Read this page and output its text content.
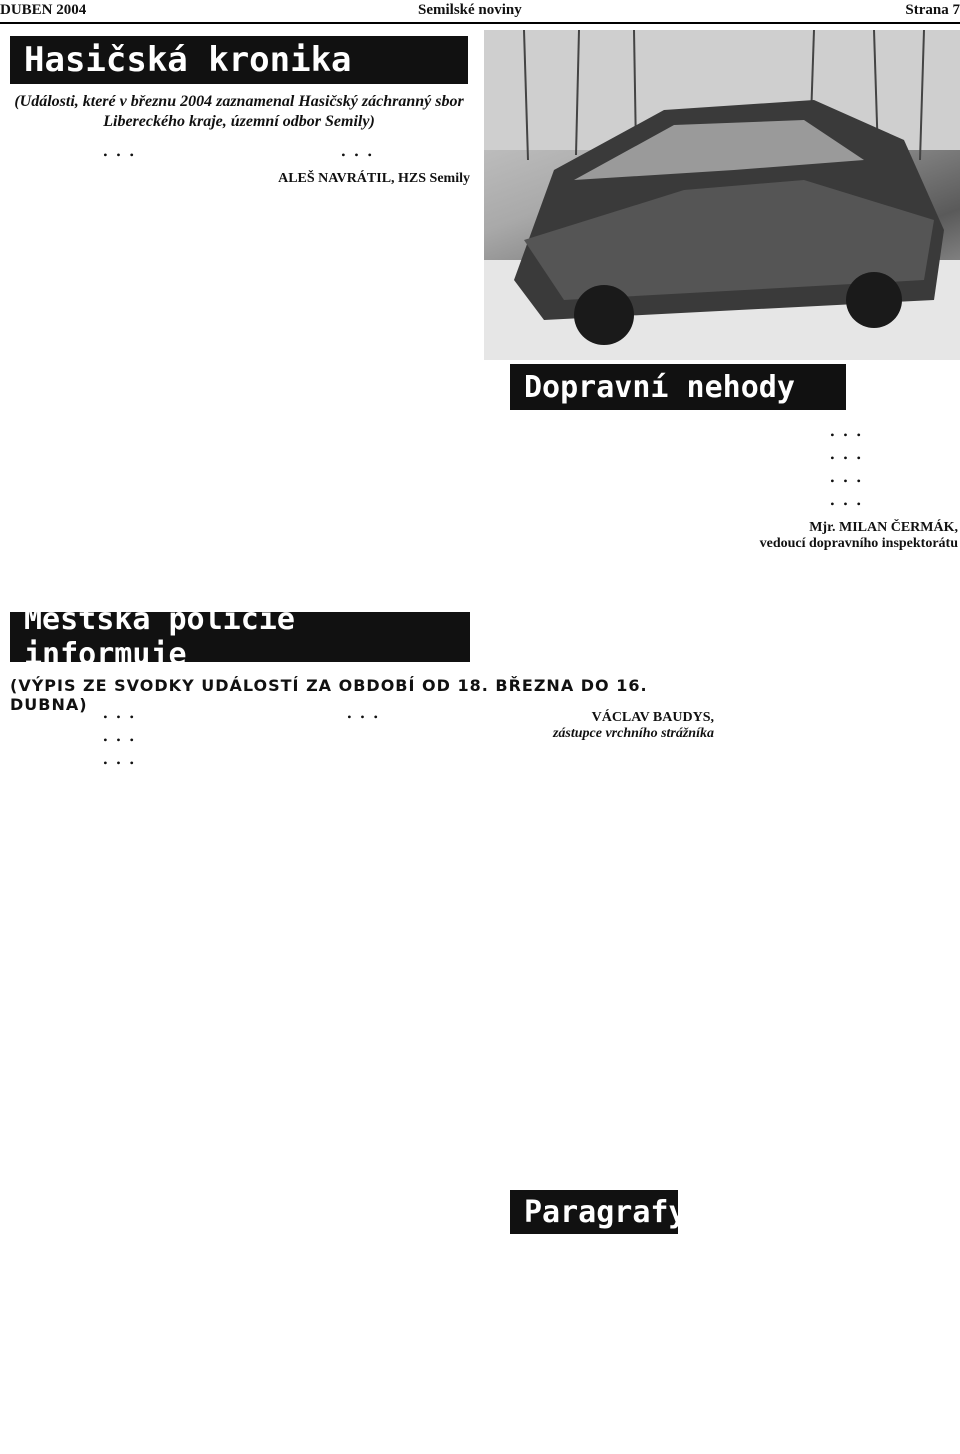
DUBEN 2004	Semilské noviny	Strana 7
Hasičská kronika
(Události, které v březnu 2004 zaznamenal Hasičský záchranný sbor Libereckého kraje, územní odbor Semily)

• • •	• • •

ALEŠ NAVRÁTIL, HZS Semily
Dopravní nehody

• • •

• • •

• • •

• • •

Mjr. MILAN ČERMÁK,
vedoucí dopravního inspektorátu
Městská policie informuje
(VÝPIS ZE SVODKY UDÁLOSTÍ ZA OBDOBÍ OD 18. BŘEZNA DO 16. DUBNA)

• • •

• • •

• • •

• • •	VÁCLAV BAUDYS,
zástupce vrchního strážníka
Paragrafy
